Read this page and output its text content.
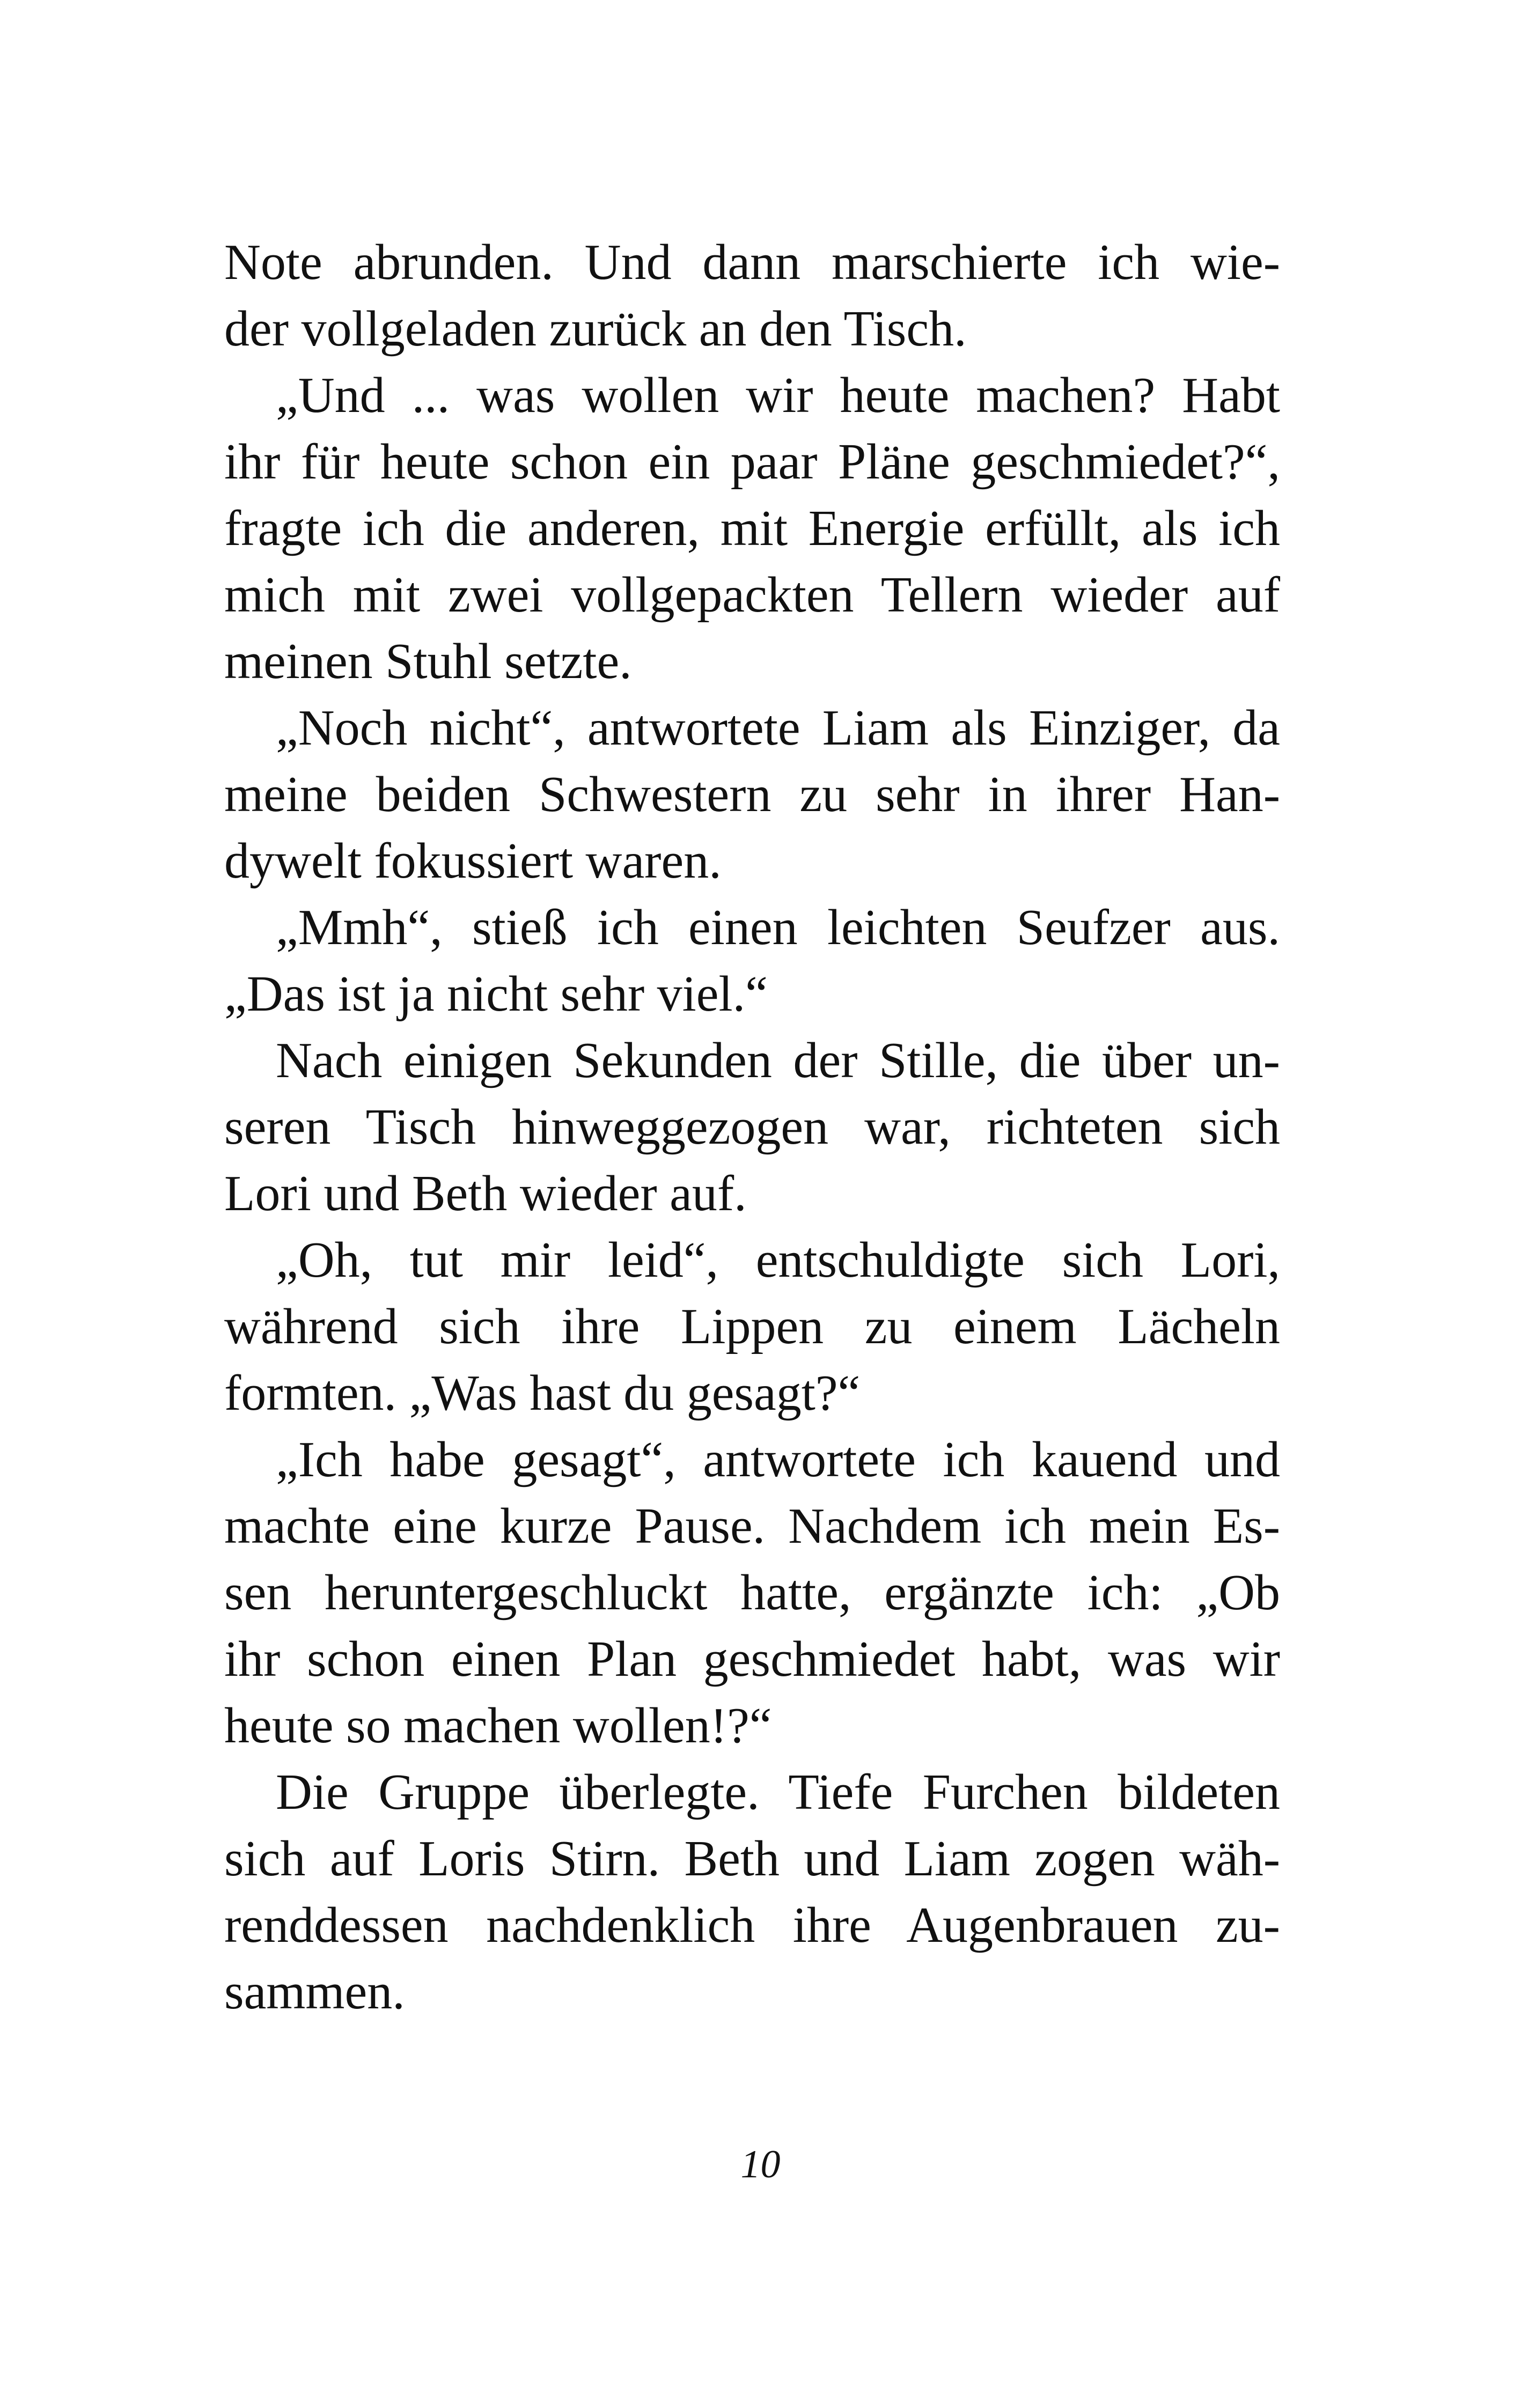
Note abrunden. Und dann marschierte ich wie-
der vollgeladen zurück an den Tisch.
„Und ... was wollen wir heute machen? Habt
ihr für heute schon ein paar Pläne geschmiedet?“,
fragte ich die anderen, mit Energie erfüllt, als ich
mich mit zwei vollgepackten Tellern wieder auf
meinen Stuhl setzte.
„Noch nicht“, antwortete Liam als Einziger, da
meine beiden Schwestern zu sehr in ihrer Han-
dywelt fokussiert waren.
„Mmh“, stieß ich einen leichten Seufzer aus.
„Das ist ja nicht sehr viel.“
Nach einigen Sekunden der Stille, die über un-
seren Tisch hinweggezogen war, richteten sich
Lori und Beth wieder auf.
„Oh, tut mir leid“, entschuldigte sich Lori,
während sich ihre Lippen zu einem Lächeln
formten. „Was hast du gesagt?“
„Ich habe gesagt“, antwortete ich kauend und
machte eine kurze Pause. Nachdem ich mein Es-
sen heruntergeschluckt hatte, ergänzte ich: „Ob
ihr schon einen Plan geschmiedet habt, was wir
heute so machen wollen!?“
Die Gruppe überlegte. Tiefe Furchen bildeten
sich auf Loris Stirn. Beth und Liam zogen wäh-
renddessen nachdenklich ihre Augenbrauen zu-
sammen.
10
